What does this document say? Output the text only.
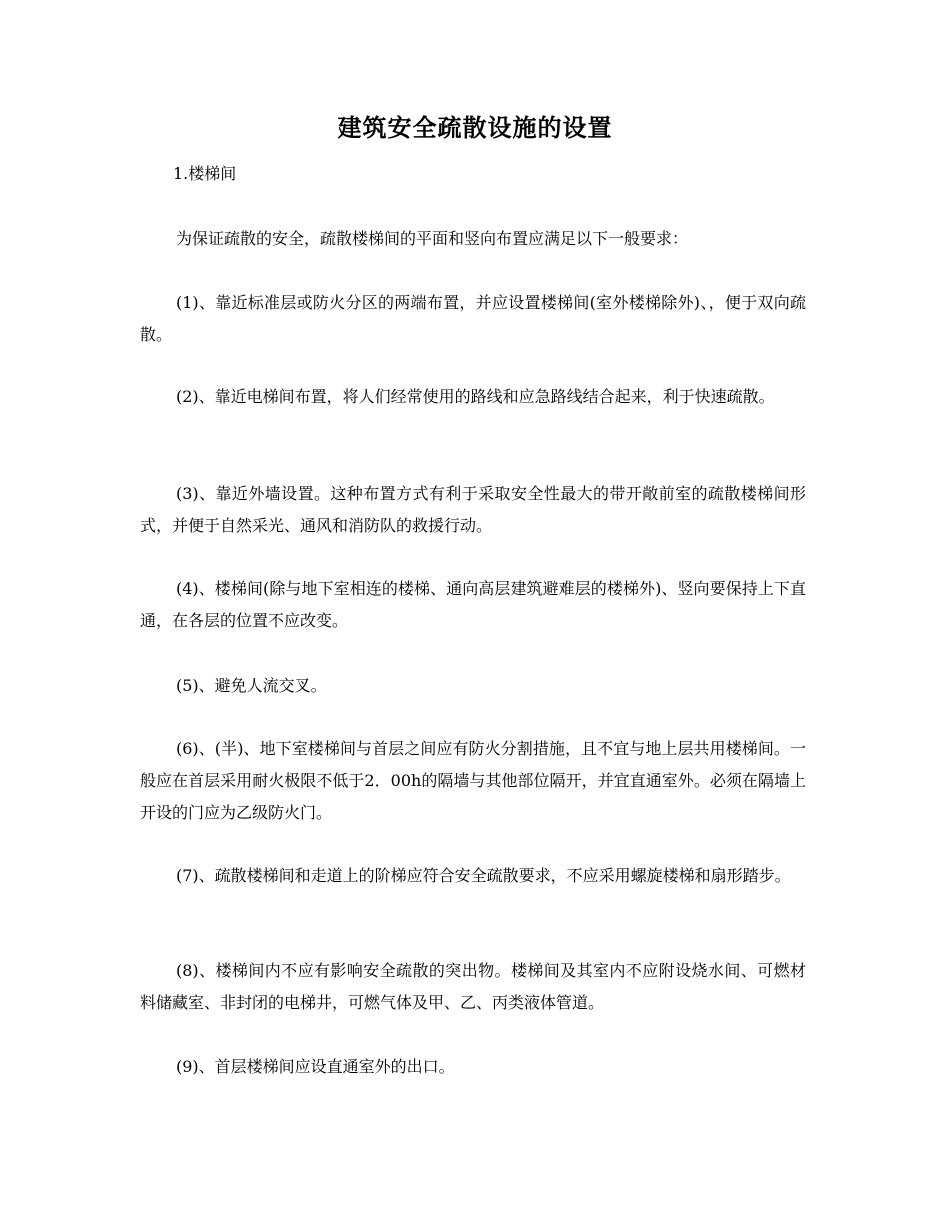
建筑安全疏散设施的设置
1.楼梯间

为保证疏散的安全，疏散楼梯间的平面和竖向布置应满足以下一般要求：

(1)、靠近标准层或防火分区的两端布置，并应设置楼梯间(室外楼梯除外)、，便于双向疏散。

(2)、靠近电梯间布置，将人们经常使用的路线和应急路线结合起来，利于快速疏散。

(3)、靠近外墙设置。这种布置方式有利于采取安全性最大的带开敞前室的疏散楼梯间形式，并便于自然采光、通风和消防队的救援行动。

(4)、楼梯间(除与地下室相连的楼梯、通向高层建筑避难层的楼梯外)、竖向要保持上下直通，在各层的位置不应改变。

(5)、避免人流交叉。

(6)、(半)、地下室楼梯间与首层之间应有防火分割措施，且不宜与地上层共用楼梯间。一般应在首层采用耐火极限不低于2．00h的隔墙与其他部位隔开，并宜直通室外。必须在隔墙上开设的门应为乙级防火门。

(7)、疏散楼梯间和走道上的阶梯应符合安全疏散要求，不应采用螺旋楼梯和扇形踏步。

(8)、楼梯间内不应有影响安全疏散的突出物。楼梯间及其室内不应附设烧水间、可燃材料储藏室、非封闭的电梯井，可燃气体及甲、乙、丙类液体管道。

(9)、首层楼梯间应设直通室外的出口。
